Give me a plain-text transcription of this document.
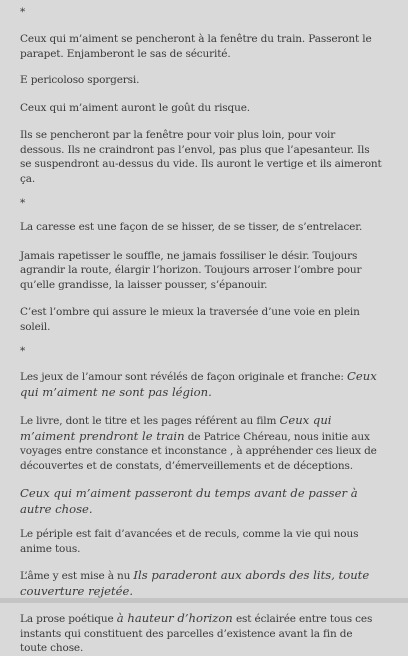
*

Ceux qui m’aiment se pencheront à la fenêtre du train. Passeront le parapet. Enjamberont le sas de sécurité.

E pericoloso sporgersi.

Ceux qui m’aiment auront le goût du risque.

Ils se pencheront par la fenêtre pour voir plus loin, pour voir dessous. Ils ne craindront pas l’envol, pas plus que l’apesanteur. Ils se suspendront au-dessus du vide. Ils auront le vertige et ils aimeront ça.

*

La caresse est une façon de se hisser, de se tisser, de s’entrelacer.

Jamais rapetisser le souffle, ne jamais fossiliser le désir. Toujours agrandir la route, élargir l’horizon. Toujours arroser l’ombre pour qu’elle grandisse, la laisser pousser, s’épanouir.

C’est l’ombre qui assure le mieux la traversée d’une voie en plein soleil.

*

Les jeux de l’amour sont révélés de façon originale et franche: Ceux qui m’aiment ne sont pas légion.

Le livre, dont le titre et les pages référent au film Ceux qui m’aiment prendront le train de Patrice Chéreau, nous initie aux voyages entre constance et inconstance , à appréhender ces lieux de découvertes et de constats, d’émerveillements et de déceptions.

Ceux qui m’aiment passeront du temps avant de passer à autre chose.

Le périple est fait d’avancées et de reculs, comme la vie qui nous anime tous.

L’âme y est mise à nu Ils paraderont aux abords des lits, toute couverture rejetée.

La prose poétique à hauteur d’horizon est éclairée entre tous ces instants qui constituent des parcelles d’existence avant la fin de toute chose.
